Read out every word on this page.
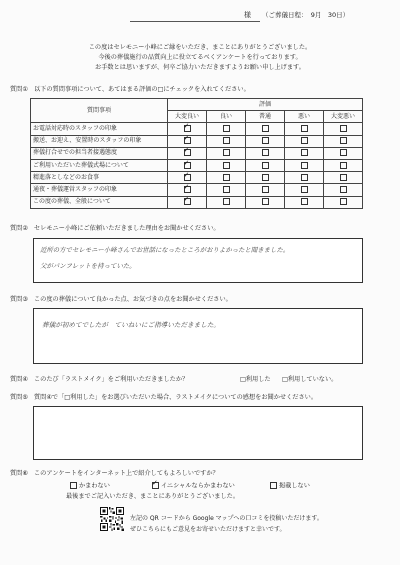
様 （ご葬儀日程：　9月　30日）
この度はセレモニー小峰にご縁をいただき、まことにありがとうございました。
今後の葬儀施行の品質向上に役立てるべくアンケートを行っております。
お手数とは思いますが、何卒ご協力いただきますようお願い申し上げます。
質問① 以下の質問事項について、あてはまる評価の□にチェックを入れてください。
質問事項	評価				
	大変良い	良い	普通	悪い	大変悪い
お電話対応時のスタッフの印象	✓				
搬送、お迎え、安置時のスタッフの印象	✓				
葬儀打合せでの担当者接遇態度	✓				
ご利用いただいた葬儀式場について	✓				
精進落としなどのお食事	✓				
通夜・葬儀運営スタッフの印象	✓				
この度の葬儀、全般について	✓				
質問② セレモニー小峰にご依頼いただきました理由をお聞かせください。
近所の方でセレモニー小峰さんでお世話になったところがおりよかったと聞きました。
父がパンフレットを持っていた。
質問③ この度の葬儀について良かった点、お気づきの点をお聞かせください。
葬儀が初めてでしたが　ていねいにご指導いただきました。
質問④ このたび「ラストメイク」をご利用いただきましたか？	□利用した □利用していない。
質問⑤ 質問④で「□利用した」をお選びいただいた場合、ラストメイクについての感想をお聞かせください。
質問⑥ このアンケートをインターネット上で紹介してもよろしいですか？
かまわない ✓	イニシャルならかまわない	掲載しない
最後までご記入いただき、まことにありがとうございました。
左記の QR コードから Google マップへの口コミを投稿いただけます。
ぜひこちらにもご意見をお寄せいただけますと幸いです。
